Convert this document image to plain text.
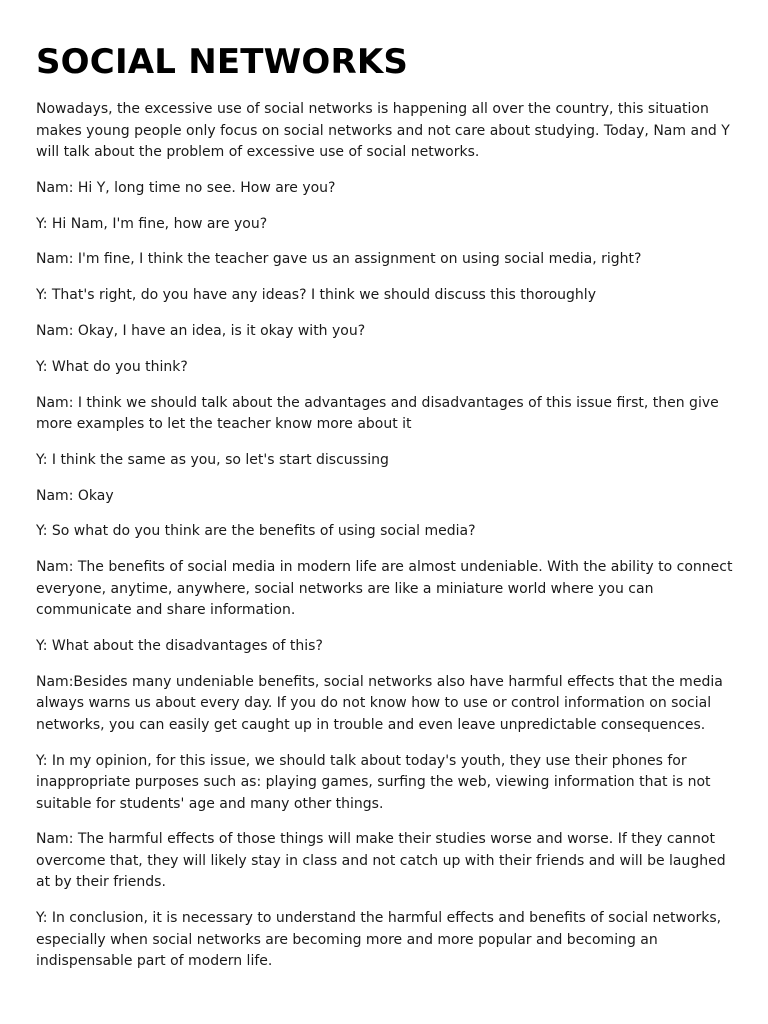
SOCIAL NETWORKS

Nowadays, the excessive use of social networks is happening all over the country, this situation makes young people only focus on social networks and not care about studying. Today, Nam and Y will talk about the problem of excessive use of social networks.

Nam: Hi Y, long time no see. How are you?

Y: Hi Nam, I'm fine, how are you?

Nam: I'm fine, I think the teacher gave us an assignment on using social media, right?

Y: That's right, do you have any ideas? I think we should discuss this thoroughly

Nam: Okay, I have an idea, is it okay with you?

Y: What do you think?

Nam: I think we should talk about the advantages and disadvantages of this issue first, then give more examples to let the teacher know more about it

Y: I think the same as you, so let's start discussing

Nam: Okay

Y: So what do you think are the benefits of using social media?

Nam: The benefits of social media in modern life are almost undeniable. With the ability to connect everyone, anytime, anywhere, social networks are like a miniature world where you can communicate and share information.

Y: What about the disadvantages of this?

Nam:Besides many undeniable benefits, social networks also have harmful effects that the media always warns us about every day. If you do not know how to use or control information on social networks, you can easily get caught up in trouble and even leave unpredictable consequences.

Y: In my opinion, for this issue, we should talk about today's youth, they use their phones for inappropriate purposes such as: playing games, surfing the web, viewing information that is not suitable for students' age and many other things.

Nam: The harmful effects of those things will make their studies worse and worse. If they cannot overcome that, they will likely stay in class and not catch up with their friends and will be laughed at by their friends.

Y: In conclusion, it is necessary to understand the harmful effects and benefits of social networks, especially when social networks are becoming more and more popular and becoming an indispensable part of modern life.
